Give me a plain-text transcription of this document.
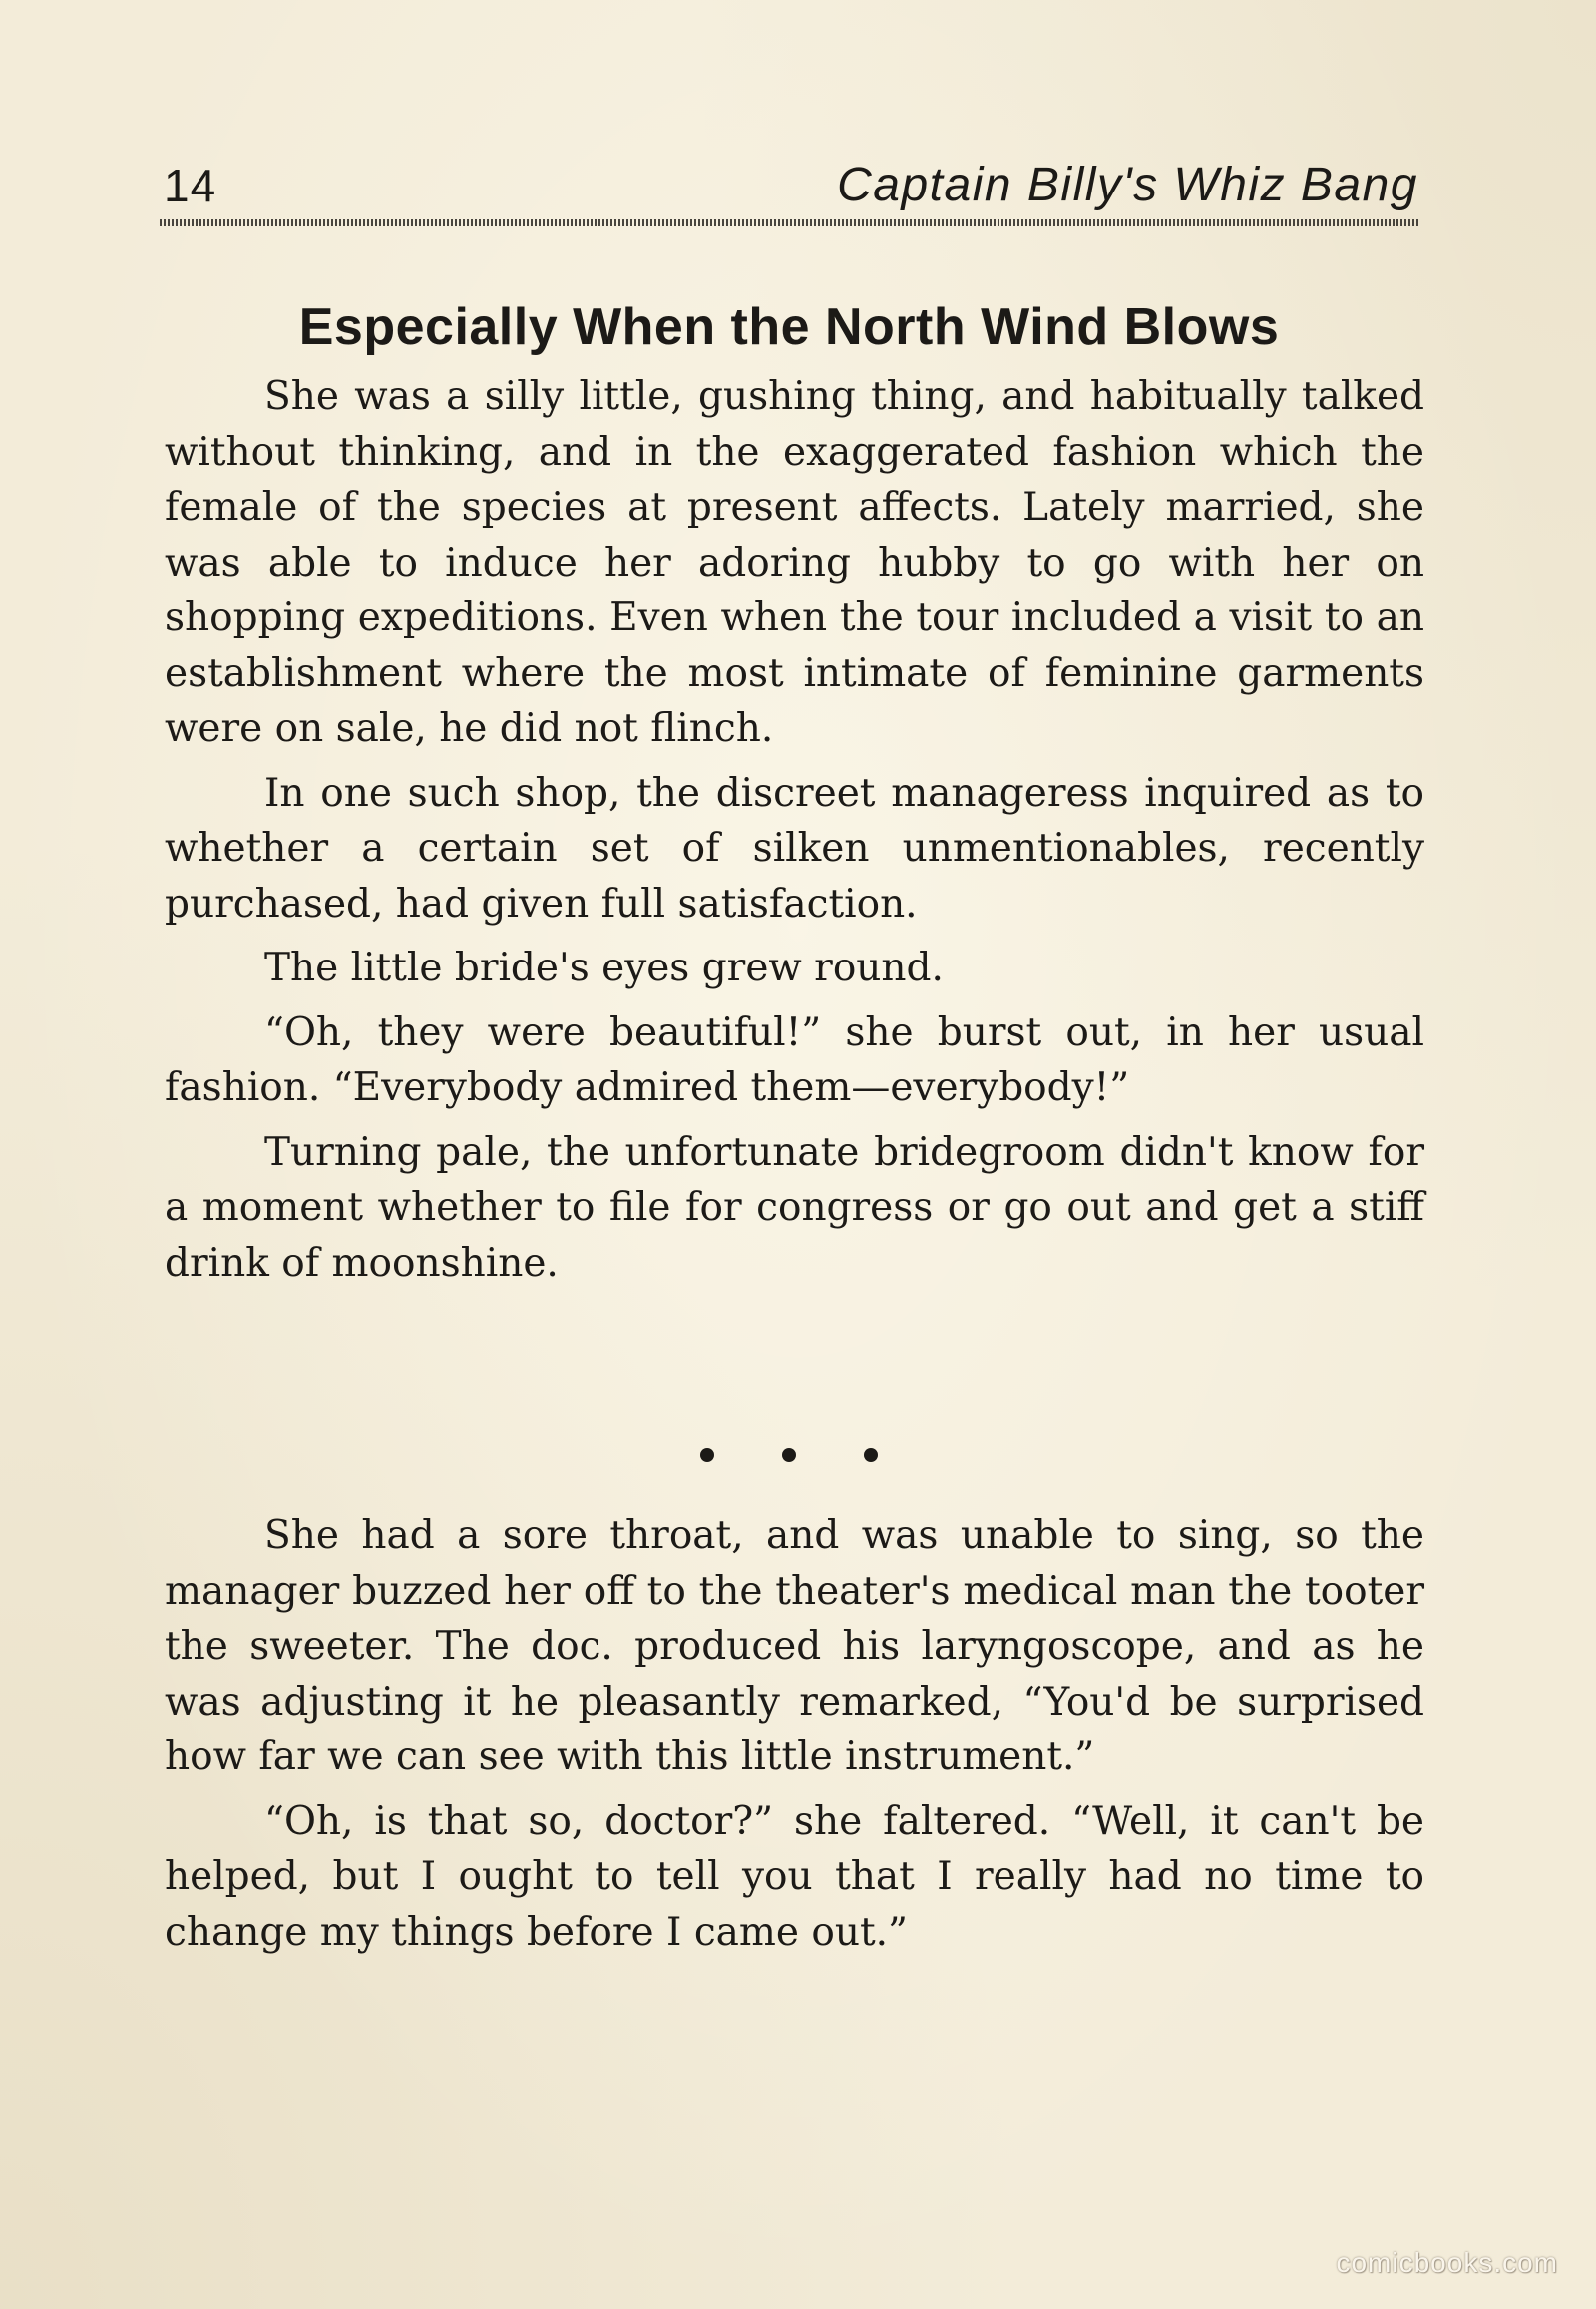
14	Captain Billy's Whiz Bang
Especially When the North Wind Blows

She was a silly little, gushing thing, and habitually talked without thinking, and in the exaggerated fashion which the female of the species at present affects. Lately married, she was able to induce her adoring hubby to go with her on shopping expeditions. Even when the tour included a visit to an establishment where the most intimate of feminine garments were on sale, he did not flinch.

In one such shop, the discreet manageress inquired as to whether a certain set of silken unmentionables, recently purchased, had given full satisfaction.

The little bride's eyes grew round.

“Oh, they were beautiful!” she burst out, in her usual fashion. “Everybody admired them—everybody!”

Turning pale, the unfortunate bridegroom didn't know for a moment whether to file for congress or go out and get a stiff drink of moonshine.

She had a sore throat, and was unable to sing, so the manager buzzed her off to the theater's medical man the tooter the sweeter. The doc. produced his laryngoscope, and as he was adjusting it he pleasantly remarked, “You'd be surprised how far we can see with this little instrument.”

“Oh, is that so, doctor?” she faltered. “Well, it can't be helped, but I ought to tell you that I really had no time to change my things before I came out.”

comicbooks.com
